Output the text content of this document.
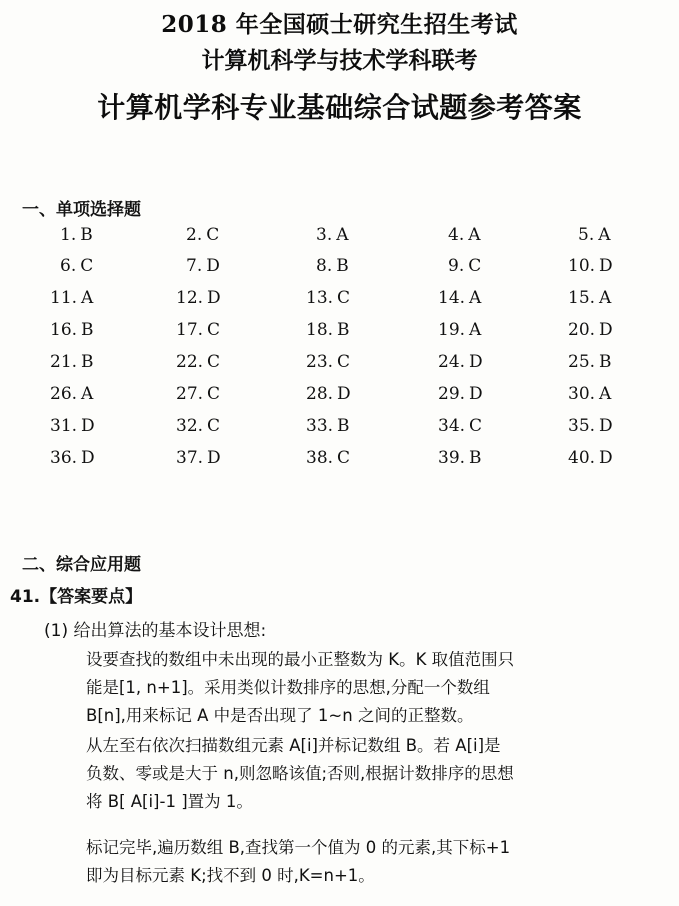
2018 年全国硕士研究生招生考试
计算机科学与技术学科联考
计算机学科专业基础综合试题参考答案
一、单项选择题
1. B	2. C	3. A	4. A	5. A
6. C	7. D	8. B	9. C	10. D
11. A	12. D	13. C	14. A	15. A
16. B	17. C	18. B	19. A	20. D
21. B	22. C	23. C	24. D	25. B
26. A	27. C	28. D	29. D	30. A
31. D	32. C	33. B	34. C	35. D
36. D	37. D	38. C	39. B	40. D
二、综合应用题
41.【答案要点】
(1) 给出算法的基本设计思想:
设要查找的数组中未出现的最小正整数为 K。K 取值范围只
能是[1, n+1]。采用类似计数排序的思想,分配一个数组
B[n],用来标记 A 中是否出现了 1~n 之间的正整数。
从左至右依次扫描数组元素 A[i]并标记数组 B。若 A[i]是
负数、零或是大于 n,则忽略该值;否则,根据计数排序的思想
将 B[ A[i]-1 ]置为 1。
标记完毕,遍历数组 B,查找第一个值为 0 的元素,其下标+1
即为目标元素 K;找不到 0 时,K=n+1。
